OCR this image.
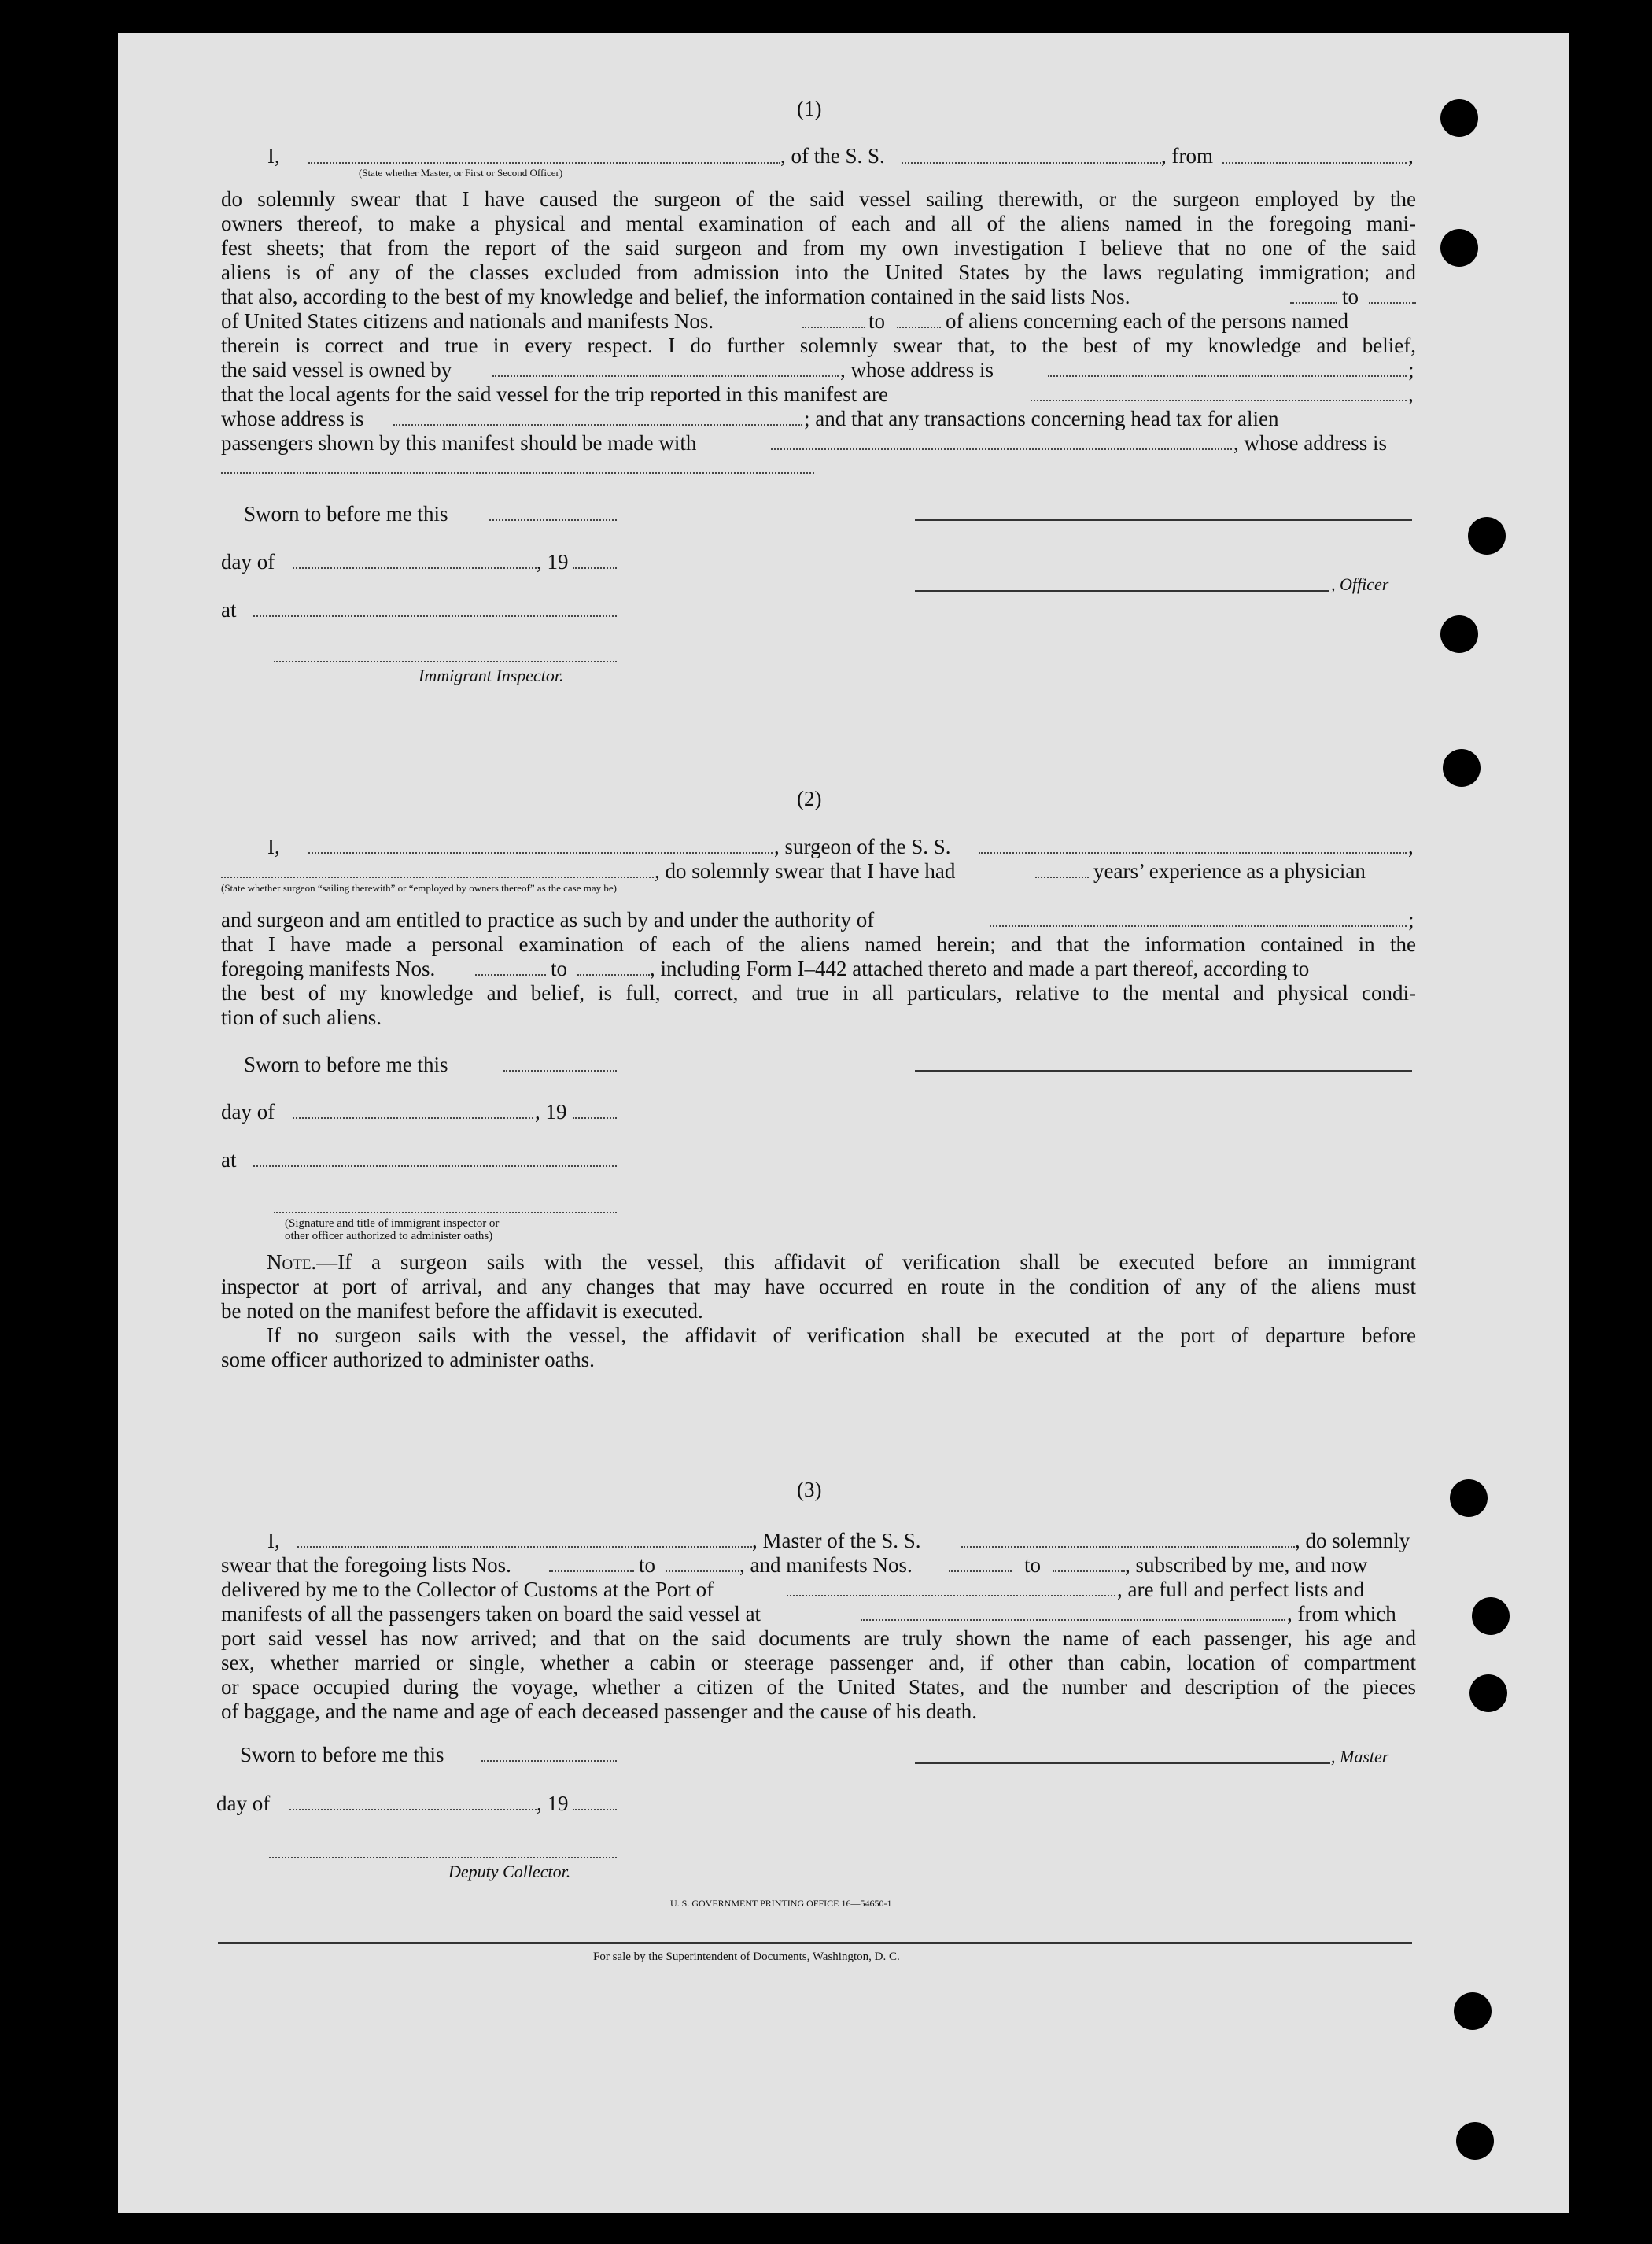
(1)
I,	, of the S. S.	, from	,
(State whether Master, or First or Second Officer)
do solemnly swear that I have caused the surgeon of the said vessel sailing therewith, or the surgeon employed by the
owners thereof, to make a physical and mental examination of each and all of the aliens named in the foregoing mani-
fest sheets; that from the report of the said surgeon and from my own investigation I believe that no one of the said
aliens is of any of the classes excluded from admission into the United States by the laws regulating immigration; and
that also, according to the best of my knowledge and belief, the information contained in the said lists Nos.	to
of United States citizens and nationals and manifests Nos.	to	of aliens concerning each of the persons named
therein is correct and true in every respect. I do further solemnly swear that, to the best of my knowledge and belief,
the said vessel is owned by	, whose address is	;
that the local agents for the said vessel for the trip reported in this manifest are	,
whose address is	; and that any transactions concerning head tax for alien
passengers shown by this manifest should be made with	, whose address is
Sworn to before me this
day of	, 19
, Officer
at
Immigrant Inspector.
(2)
I,	, surgeon of the S. S.	,
, do solemnly swear that I have had	years’ experience as a physician
(State whether surgeon “sailing therewith” or “employed by owners thereof” as the case may be)
and surgeon and am entitled to practice as such by and under the authority of	;
that I have made a personal examination of each of the aliens named herein; and that the information contained in the
foregoing manifests Nos.	to	, including Form I–442 attached thereto and made a part thereof, according to
the best of my knowledge and belief, is full, correct, and true in all particulars, relative to the mental and physical condi-
tion of such aliens.
Sworn to before me this
day of	, 19
at
(Signature and title of immigrant inspector or
other officer authorized to administer oaths)
Note.—If a surgeon sails with the vessel, this affidavit of verification shall be executed before an immigrant
inspector at port of arrival, and any changes that may have occurred en route in the condition of any of the aliens must
be noted on the manifest before the affidavit is executed.
If no surgeon sails with the vessel, the affidavit of verification shall be executed at the port of departure before
some officer authorized to administer oaths.
(3)
I,	, Master of the S. S.	, do solemnly
swear that the foregoing lists Nos.	to	, and manifests Nos.	to	, subscribed by me, and now
delivered by me to the Collector of Customs at the Port of	, are full and perfect lists and
manifests of all the passengers taken on board the said vessel at	, from which
port said vessel has now arrived; and that on the said documents are truly shown the name of each passenger, his age and
sex, whether married or single, whether a cabin or steerage passenger and, if other than cabin, location of compartment
or space occupied during the voyage, whether a citizen of the United States, and the number and description of the pieces
of baggage, and the name and age of each deceased passenger and the cause of his death.
Sworn to before me this	, Master
day of	, 19
Deputy Collector.
U. S. GOVERNMENT PRINTING OFFICE 16—54650-1
For sale by the Superintendent of Documents, Washington, D. C.
